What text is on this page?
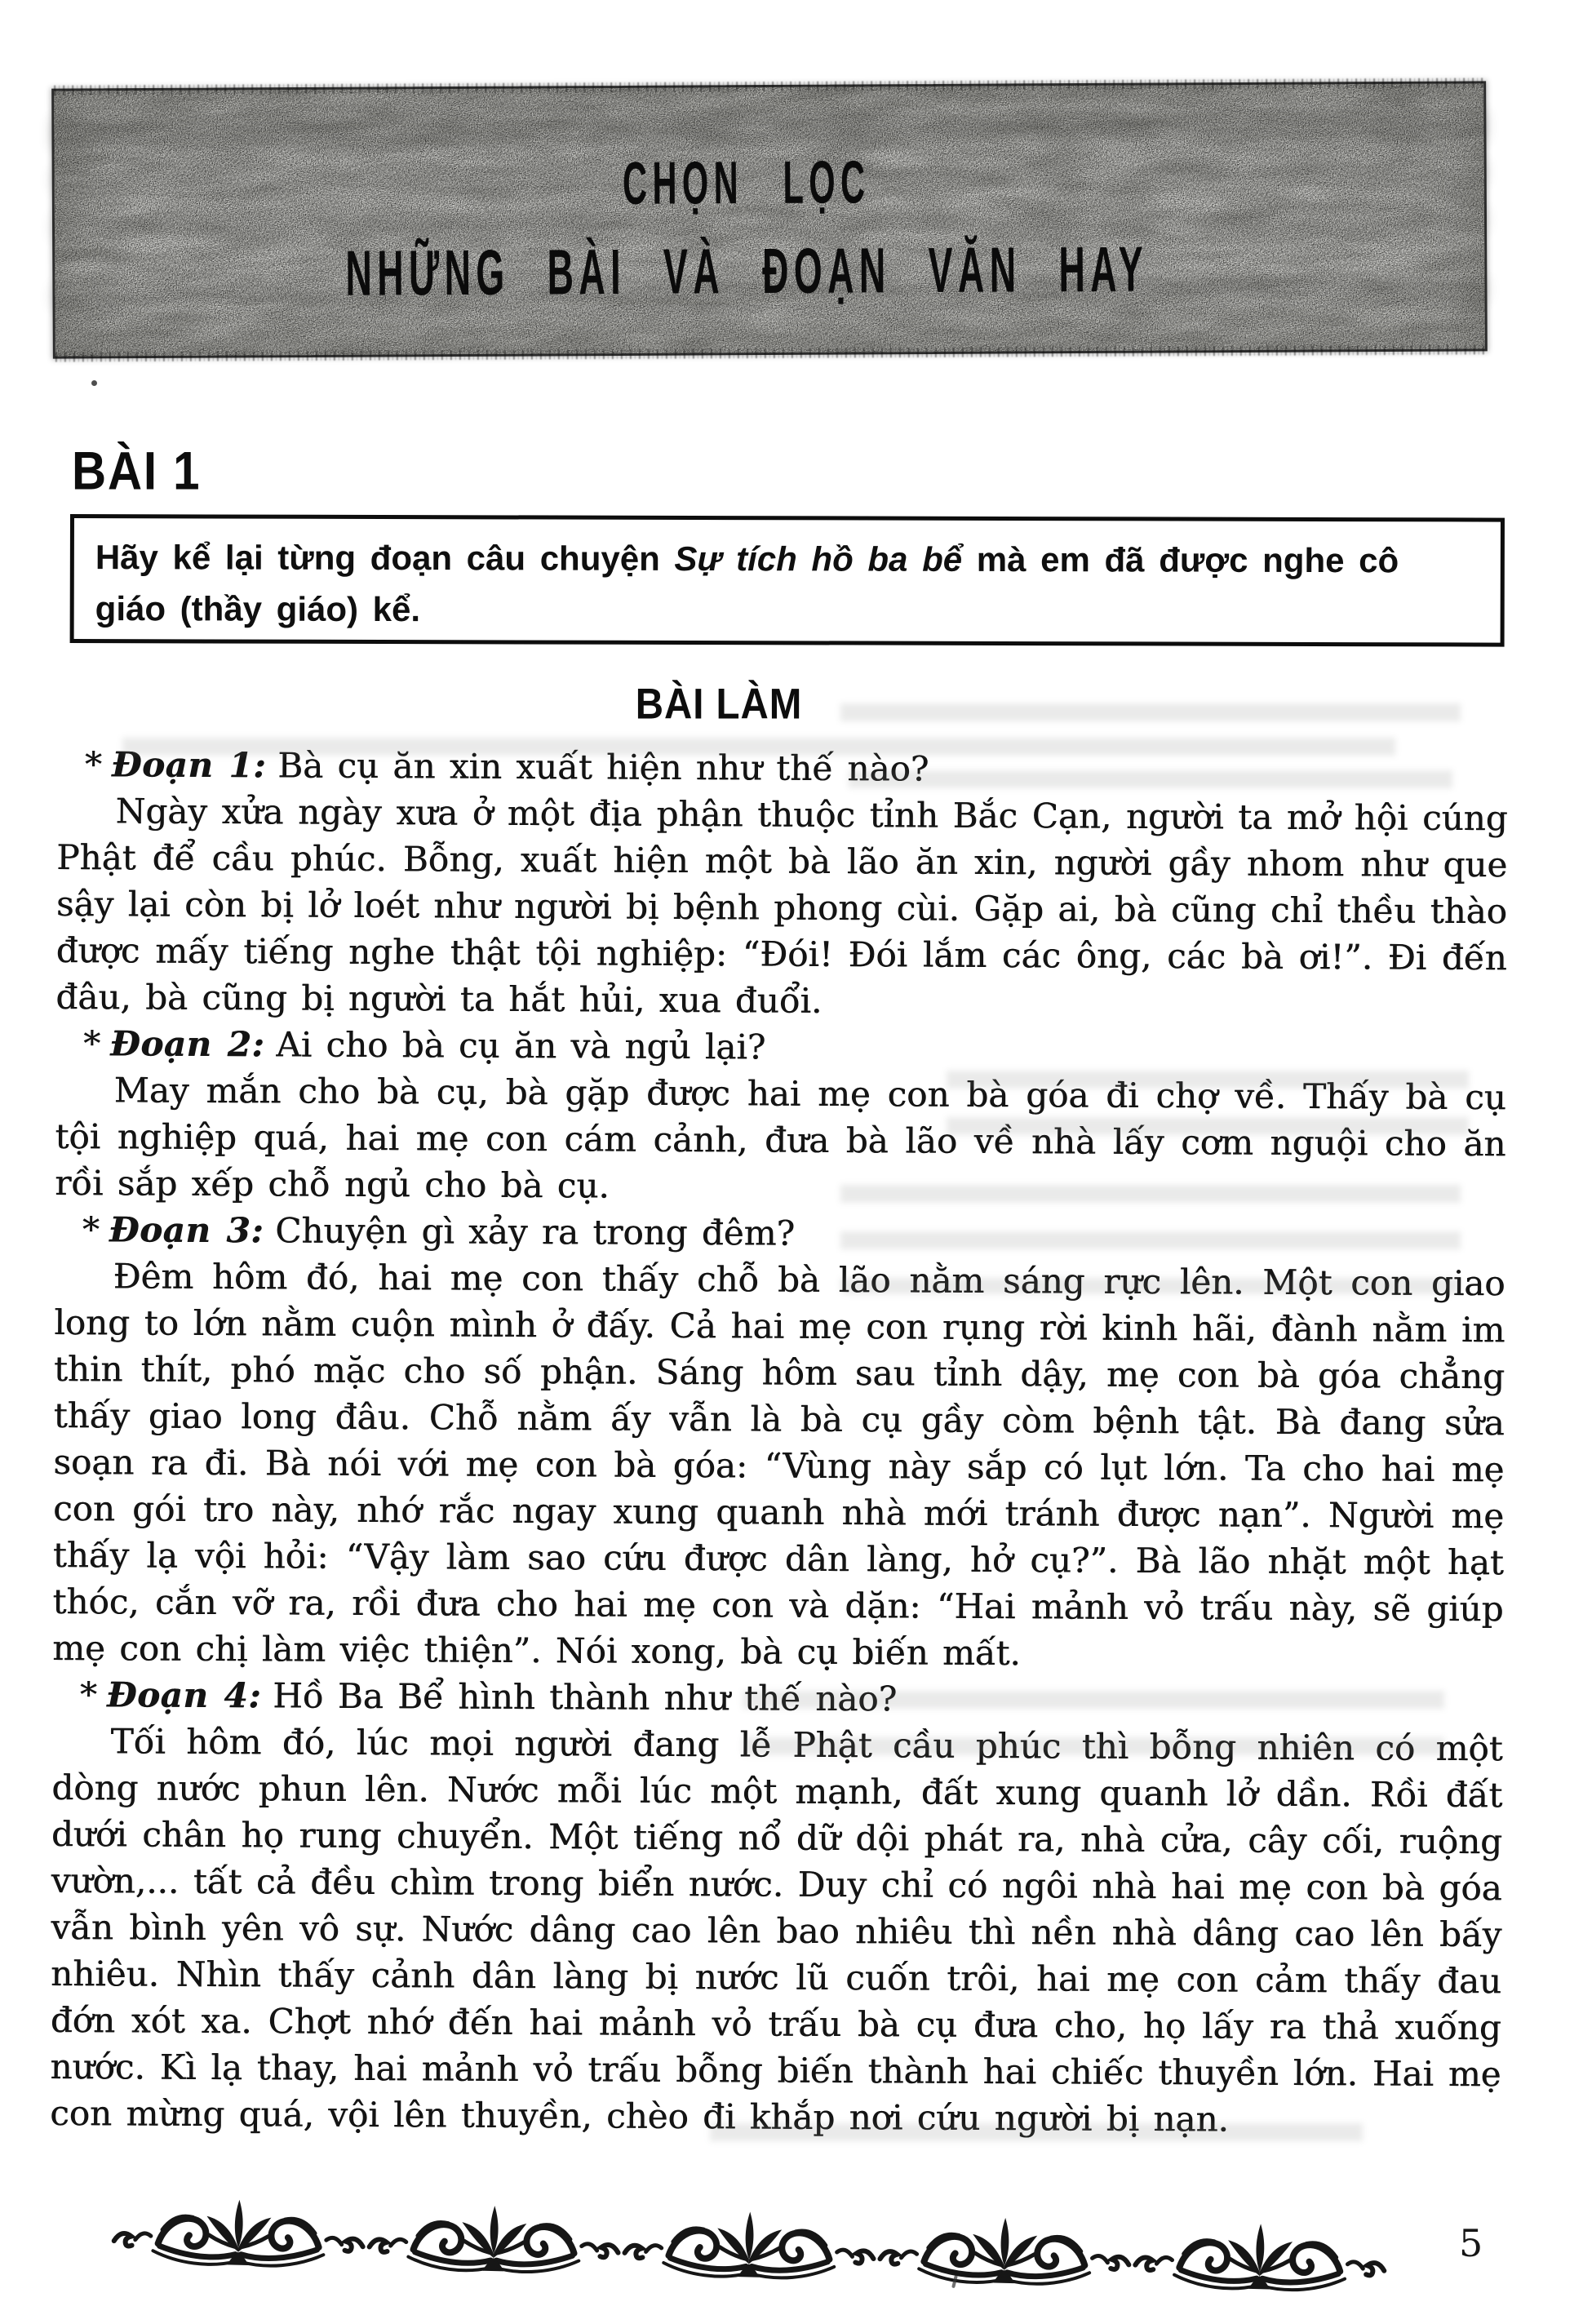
CHỌN LỌC
NHỮNG BÀI VÀ ĐOẠN VĂN HAY
BÀI 1
Hãy kể lại từng đoạn câu chuyện Sự tích hồ ba bể mà em đã được nghe cô giáo (thầy giáo) kể.
BÀI LÀM
* Đoạn 1: Bà cụ ăn xin xuất hiện như thế nào?

Ngày xửa ngày xưa ở một địa phận thuộc tỉnh Bắc Cạn, người ta mở hội cúng Phật để cầu phúc. Bỗng, xuất hiện một bà lão ăn xin, người gầy nhom như que sậy lại còn bị lở loét như người bị bệnh phong cùi. Gặp ai, bà cũng chỉ thều thào được mấy tiếng nghe thật tội nghiệp: “Đói! Đói lắm các ông, các bà ơi!”. Đi đến đâu, bà cũng bị người ta hắt hủi, xua đuổi.

* Đoạn 2: Ai cho bà cụ ăn và ngủ lại?

May mắn cho bà cụ, bà gặp được hai mẹ con bà góa đi chợ về. Thấy bà cụ tội nghiệp quá, hai mẹ con cám cảnh, đưa bà lão về nhà lấy cơm nguội cho ăn rồi sắp xếp chỗ ngủ cho bà cụ.

* Đoạn 3: Chuyện gì xảy ra trong đêm?

Đêm hôm đó, hai mẹ con thấy chỗ bà lão nằm sáng rực lên. Một con giao long to lớn nằm cuộn mình ở đấy. Cả hai mẹ con rụng rời kinh hãi, đành nằm im thin thít, phó mặc cho số phận. Sáng hôm sau tỉnh dậy, mẹ con bà góa chẳng thấy giao long đâu. Chỗ nằm ấy vẫn là bà cụ gầy còm bệnh tật. Bà đang sửa soạn ra đi. Bà nói với mẹ con bà góa: “Vùng này sắp có lụt lớn. Ta cho hai mẹ con gói tro này, nhớ rắc ngay xung quanh nhà mới tránh được nạn”. Người mẹ thấy lạ vội hỏi: “Vậy làm sao cứu được dân làng, hở cụ?”. Bà lão nhặt một hạt thóc, cắn vỡ ra, rồi đưa cho hai mẹ con và dặn: “Hai mảnh vỏ trấu này, sẽ giúp mẹ con chị làm việc thiện”. Nói xong, bà cụ biến mất.

* Đoạn 4: Hồ Ba Bể hình thành như thế nào?

Tối hôm đó, lúc mọi người đang lễ Phật cầu phúc thì bỗng nhiên có một dòng nước phun lên. Nước mỗi lúc một mạnh, đất xung quanh lở dần. Rồi đất dưới chân họ rung chuyển. Một tiếng nổ dữ dội phát ra, nhà cửa, cây cối, ruộng vườn,... tất cả đều chìm trong biển nước. Duy chỉ có ngôi nhà hai mẹ con bà góa vẫn bình yên vô sự. Nước dâng cao lên bao nhiêu thì nền nhà dâng cao lên bấy nhiêu. Nhìn thấy cảnh dân làng bị nước lũ cuốn trôi, hai mẹ con cảm thấy đau đớn xót xa. Chợt nhớ đến hai mảnh vỏ trấu bà cụ đưa cho, họ lấy ra thả xuống nước. Kì lạ thay, hai mảnh vỏ trấu bỗng biến thành hai chiếc thuyền lớn. Hai mẹ con mừng quá, vội lên thuyền, chèo đi khắp nơi cứu người bị nạn.

5
